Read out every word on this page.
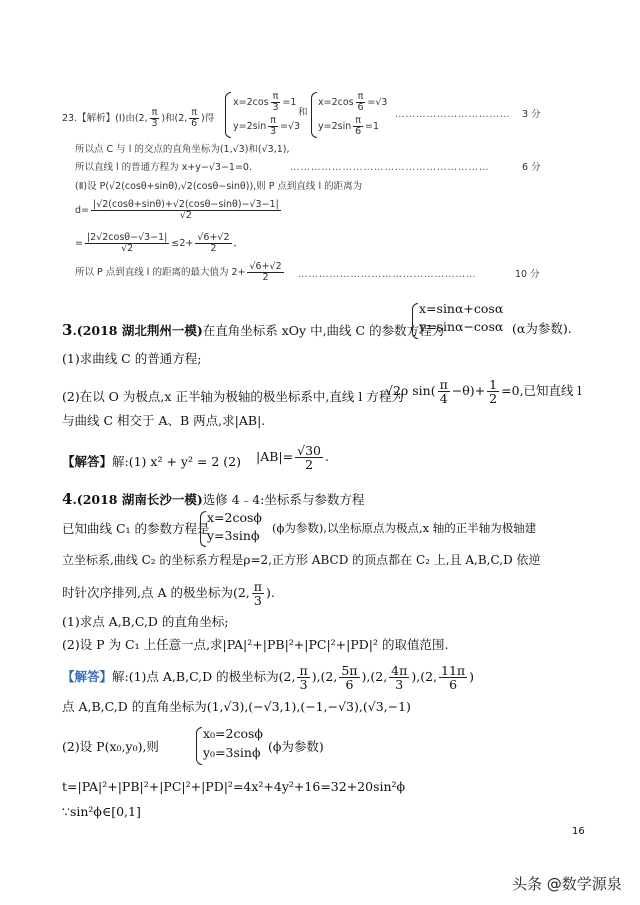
23.【解析】(Ⅰ)由(2, $\frac{\pi}{3}$ )和(2, $\frac{\pi}{6}$ )得
$x=2\cos \frac{\pi}{3} =1$
$y=2\sin \frac{\pi}{3} =√3$
和
$x=2\cos \frac{\pi}{6} =√3$
$y=2\sin \frac{\pi}{6} =1$
…………………………… 3 分
所以点 C 与 l 的交点的直角坐标为(1,√3)和(√3,1),
所以直线 l 的普通方程为 x+y−√3−1=0.	…………………………………………………	6 分
(Ⅱ)设 P(√2(cosθ+sinθ),√2(cosθ−sinθ)),则 P 点到直线 l 的距离为
$d= \frac{|√2(\cos\theta+\sin\theta)+√2(\cos\theta-\sin\theta)-√3-1|}{√2}$
= $\frac{|2√2\cos\theta-√3-1|}{√2} \le 2+ \frac{√6+√2}{2}$ ,
所以 P 点到直线 l 的距离的最大值为 $2+ \frac{√6+√2}{2}$ ……………………………………………	10 分
3.(2018 湖北荆州一模)在直角坐标系 xOy 中,曲线 C 的参数方程为
x=sinα+cosα
y=sinα−cosα (α为参数).
(1)求曲线 C 的普通方程;
(2)在以 O 为极点,x 正半轴为极轴的极坐标系中,直线 l 方程为
√2ρ $\sin( \frac{\pi}{4} -\theta)+ \frac{1}{2} =0$,已知直线 l
与曲线 C 相交于 A、B 两点,求|AB|.
【解答】解:(1) x² + y² = 2 (2) $|AB|= \frac{√30}{2}$ .
4.(2018 湖南长沙一模)选修 4﹣4:坐标系与参数方程
已知曲线 C₁ 的参数方程是
x=2cosϕ
y=3sinϕ (ϕ为参数),以坐标原点为极点,x 轴的正半轴为极轴建
立坐标系,曲线 C₂ 的坐标系方程是ρ=2,正方形 ABCD 的顶点都在 C₂ 上,且 A,B,C,D 依逆
时针次序排列,点 A 的极坐标为(2, $\frac{\pi}{3}$ ).
(1)求点 A,B,C,D 的直角坐标;
(2)设 P 为 C₁ 上任意一点,求|PA|²+|PB|²+|PC|²+|PD|² 的取值范围.
【解答】解:(1)点 A,B,C,D 的极坐标为(2, $\frac{\pi}{3} ),(2$, $\frac{5\pi}{6} ),(2$, $\frac{4\pi}{3} ),(2$, $\frac{11\pi}{6}$ )
点 A,B,C,D 的直角坐标为(1,√3),(−√3,1),(−1,−√3),(√3,−1)
(2)设 P(x₀,y₀),则
x₀=2cosϕ
y₀=3sinϕ (ϕ为参数)
t=|PA|²+|PB|²+|PC|²+|PD|²=4x²+4y²+16=32+20sin²ϕ
∵sin²ϕ∈[0,1]
16
头条 @数学源泉
